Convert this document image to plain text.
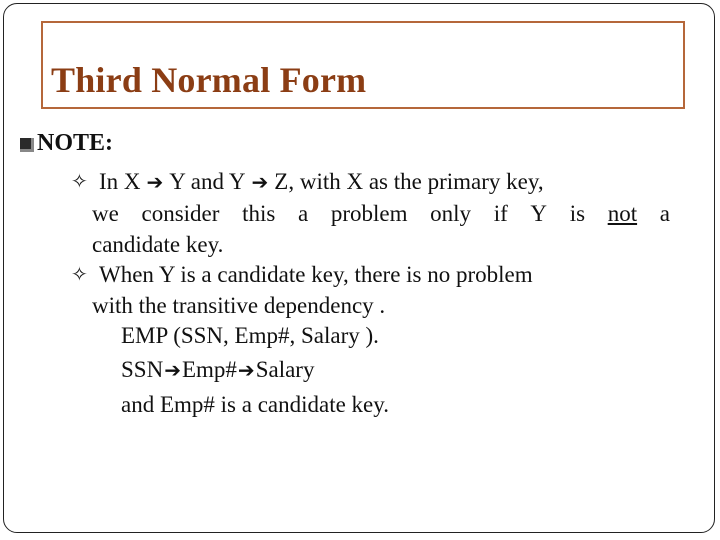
Third Normal Form
NOTE:
✧ In X ➔ Y and Y ➔ Z, with X as the primary key,
we consider this a problem only if Y is not a
candidate key.
✧ When Y is a candidate key, there is no problem
with the transitive dependency .
EMP (SSN, Emp#, Salary ).
SSN➔Emp#➔Salary
and Emp# is a candidate key.
